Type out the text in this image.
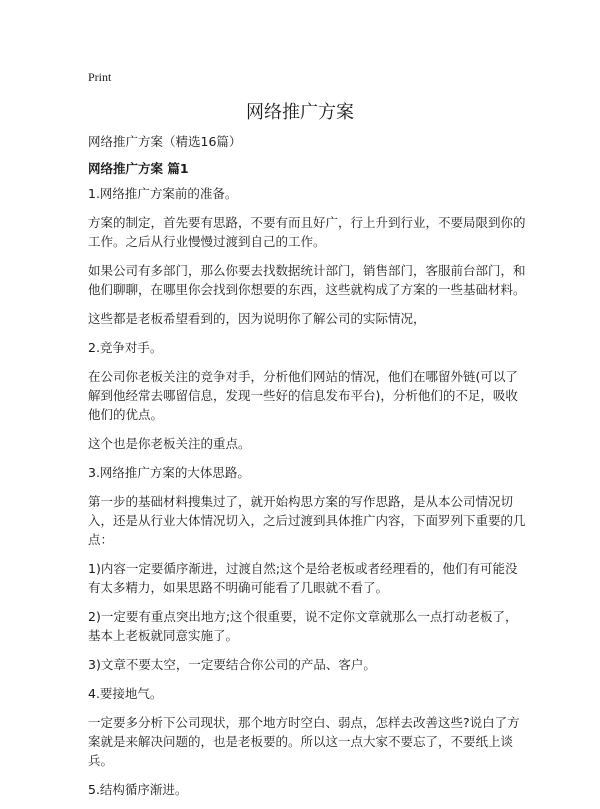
Print
网络推广方案
网络推广方案（精选16篇）
网络推广方案 篇1

1.网络推广方案前的准备。

方案的制定，首先要有思路，不要有而且好广，行上升到行业，不要局限到你的工作。之后从行业慢慢过渡到自己的工作。

如果公司有多部门，那么你要去找数据统计部门，销售部门，客服前台部门，和他们聊聊，在哪里你会找到你想要的东西，这些就构成了方案的一些基础材料。

这些都是老板希望看到的，因为说明你了解公司的实际情况，

2.竞争对手。

在公司你老板关注的竞争对手，分析他们网站的情况，他们在哪留外链(可以了解到他经常去哪留信息，发现一些好的信息发布平台)，分析他们的不足，吸收他们的优点。

这个也是你老板关注的重点。

3.网络推广方案的大体思路。

第一步的基础材料搜集过了，就开始构思方案的写作思路，是从本公司情况切入，还是从行业大体情况切入，之后过渡到具体推广内容，下面罗列下重要的几点：

1)内容一定要循序渐进，过渡自然;这个是给老板或者经理看的，他们有可能没有太多精力，如果思路不明确可能看了几眼就不看了。

2)一定要有重点突出地方;这个很重要，说不定你文章就那么一点打动老板了，基本上老板就同意实施了。

3)文章不要太空，一定要结合你公司的产品、客户。

4.要接地气。

一定要多分析下公司现状，那个地方时空白、弱点，怎样去改善这些?说白了方案就是来解决问题的，也是老板要的。所以这一点大家不要忘了，不要纸上谈兵。

5.结构循序渐进。
